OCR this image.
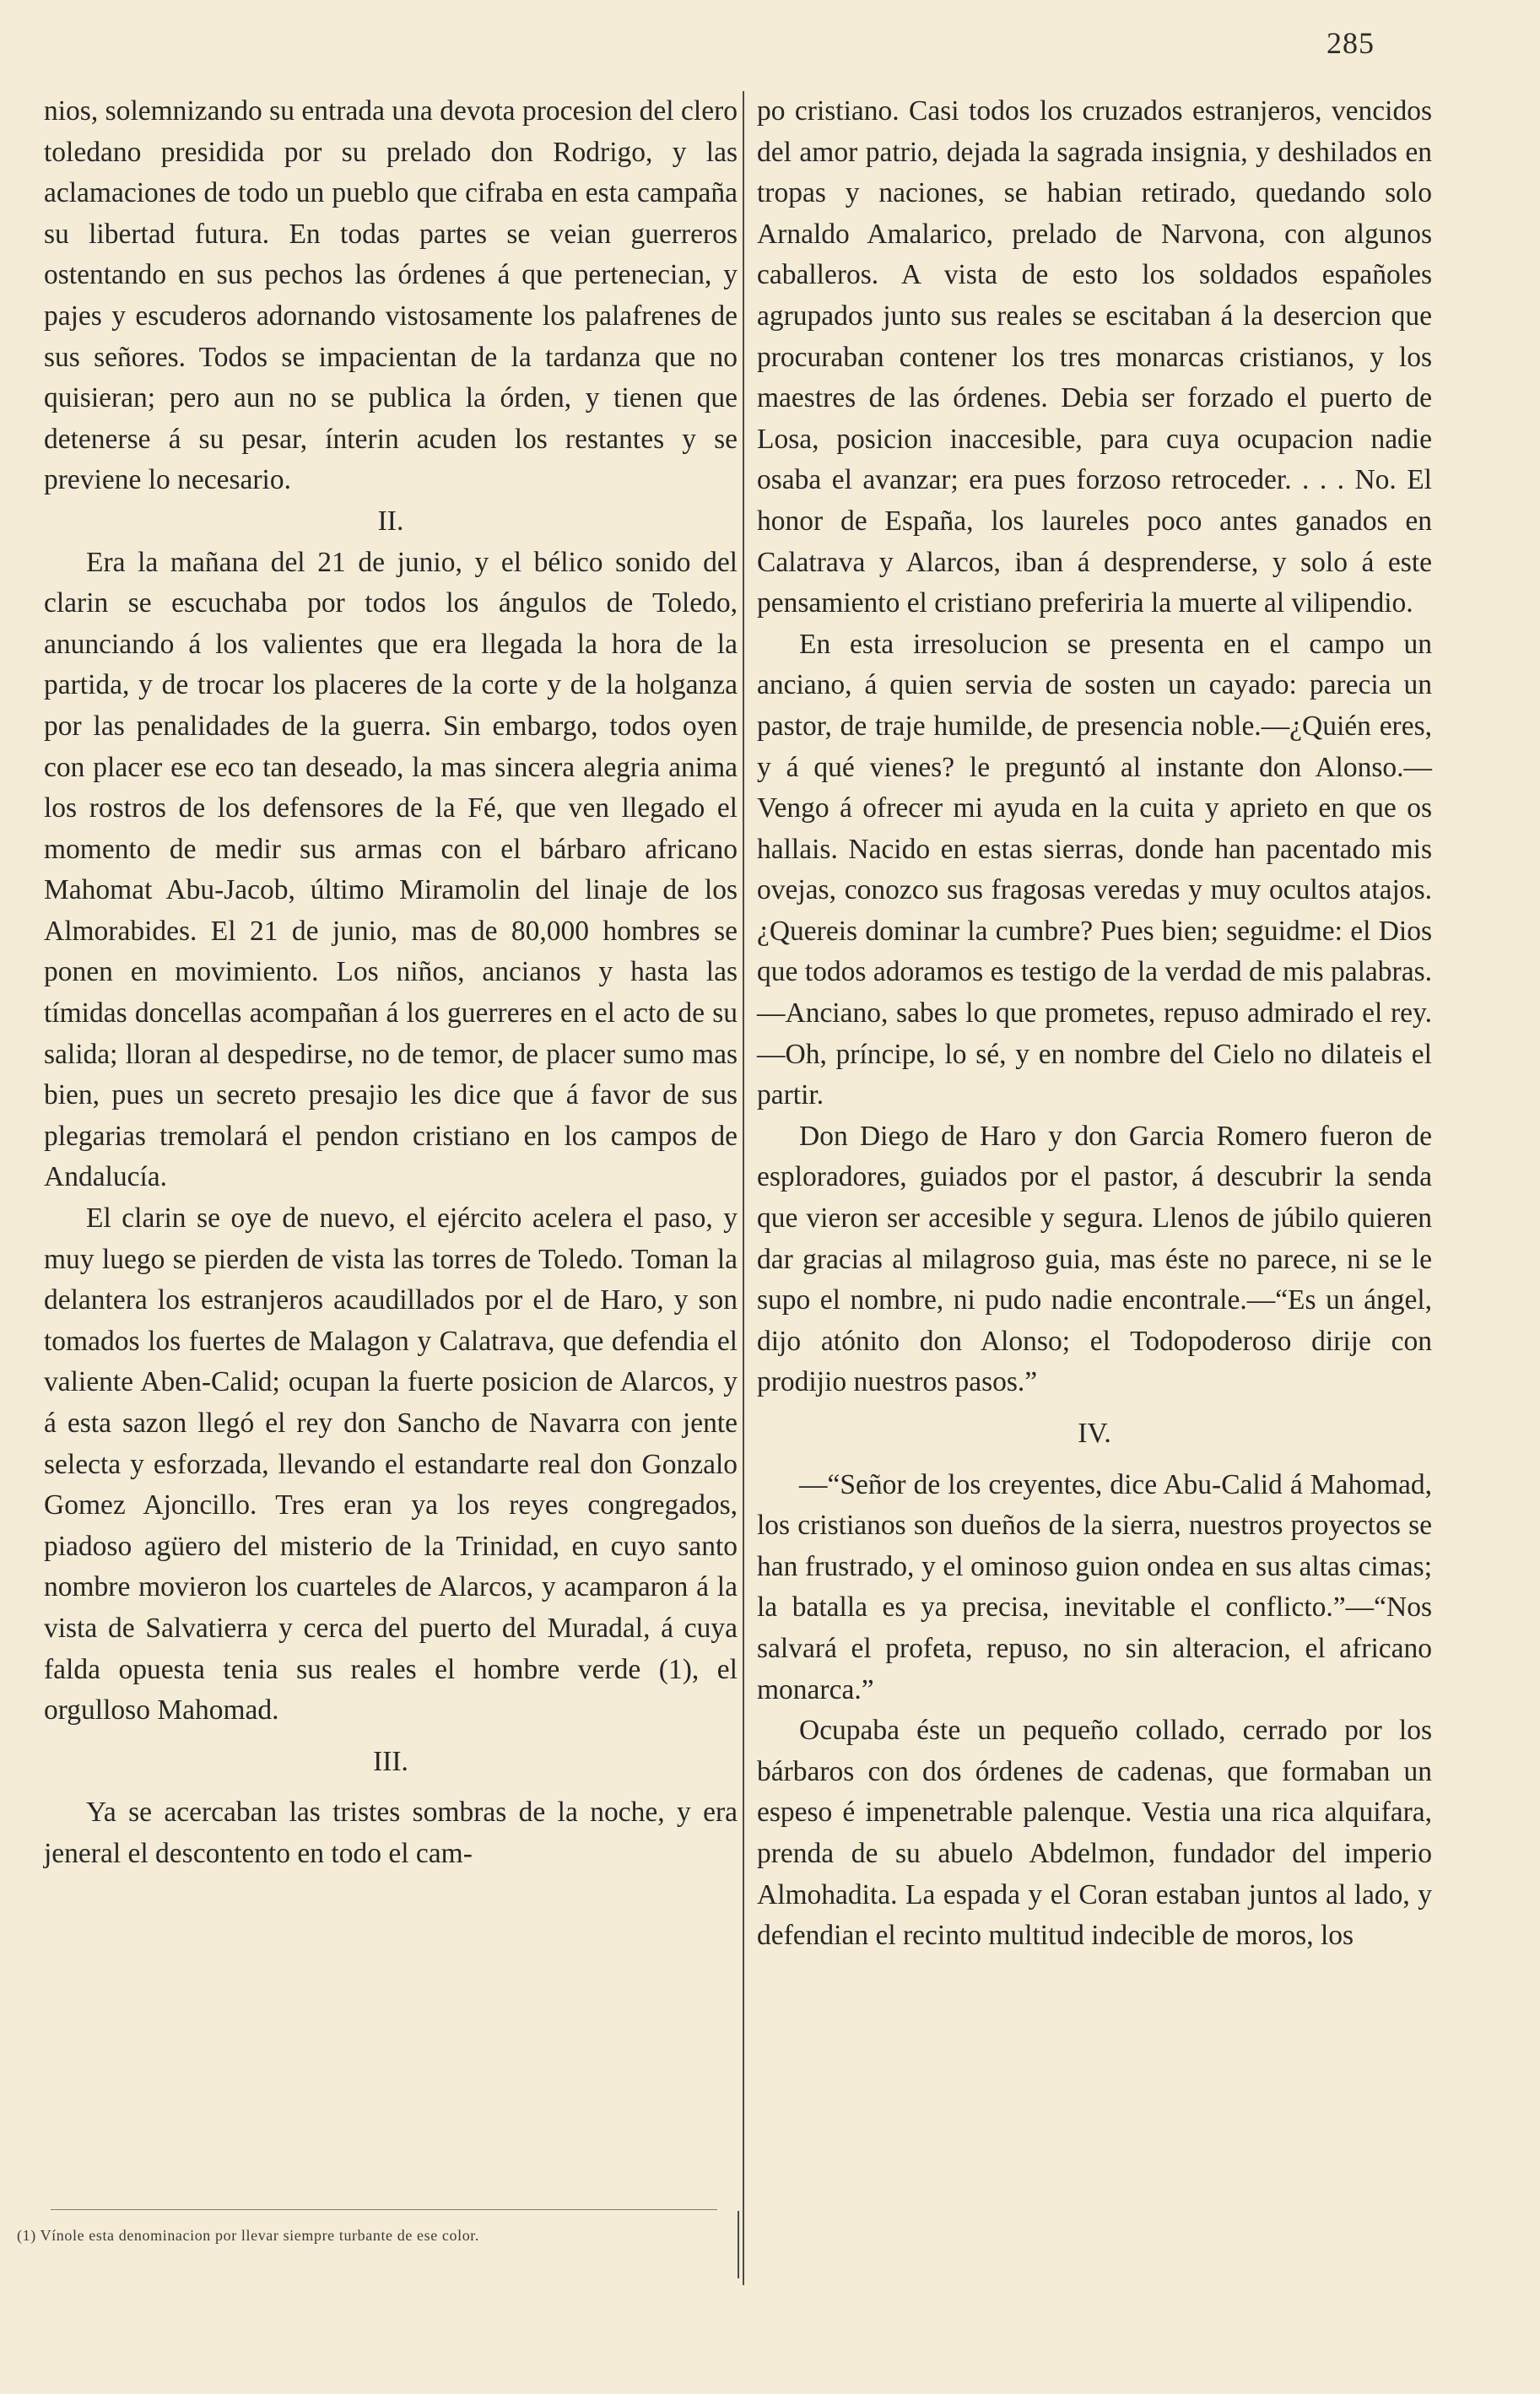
285

nios, solemnizando su entrada una devota procesion del clero toledano presidida por su prelado don Rodrigo, y las aclamaciones de todo un pueblo que cifraba en esta campaña su libertad futura. En todas partes se veian guerreros ostentando en sus pechos las órdenes á que pertenecian, y pajes y escuderos adornando vistosamente los palafrenes de sus señores. Todos se impacientan de la tardanza que no quisieran; pero aun no se publica la órden, y tienen que detenerse á su pesar, ínterin acuden los restantes y se previene lo necesario.

II.

Era la mañana del 21 de junio, y el bélico sonido del clarin se escuchaba por todos los ángulos de Toledo, anunciando á los valientes que era llegada la hora de la partida, y de trocar los placeres de la corte y de la holganza por las penalidades de la guerra. Sin embargo, todos oyen con placer ese eco tan deseado, la mas sincera alegria anima los rostros de los defensores de la Fé, que ven llegado el momento de medir sus armas con el bárbaro africano Mahomat Abu-Jacob, último Miramolin del linaje de los Almorabides. El 21 de junio, mas de 80,000 hombres se ponen en movimiento. Los niños, ancianos y hasta las tímidas doncellas acompañan á los guerreres en el acto de su salida; lloran al despedirse, no de temor, de placer sumo mas bien, pues un secreto presajio les dice que á favor de sus plegarias tremolará el pendon cristiano en los campos de Andalucía.

El clarin se oye de nuevo, el ejército acelera el paso, y muy luego se pierden de vista las torres de Toledo. Toman la delantera los estranjeros acaudillados por el de Haro, y son tomados los fuertes de Malagon y Calatrava, que defendia el valiente Aben-Calid; ocupan la fuerte posicion de Alarcos, y á esta sazon llegó el rey don Sancho de Navarra con jente selecta y esforzada, llevando el estandarte real don Gonzalo Gomez Ajoncillo. Tres eran ya los reyes congregados, piadoso agüero del misterio de la Trinidad, en cuyo santo nombre movieron los cuarteles de Alarcos, y acamparon á la vista de Salvatierra y cerca del puerto del Muradal, á cuya falda opuesta tenia sus reales el hombre verde (1), el orgulloso Mahomad.

III.

Ya se acercaban las tristes sombras de la noche, y era jeneral el descontento en todo el cam-

po cristiano. Casi todos los cruzados estranjeros, vencidos del amor patrio, dejada la sagrada insignia, y deshilados en tropas y naciones, se habian retirado, quedando solo Arnaldo Amalarico, prelado de Narvona, con algunos caballeros. A vista de esto los soldados españoles agrupados junto sus reales se escitaban á la desercion que procuraban contener los tres monarcas cristianos, y los maestres de las órdenes. Debia ser forzado el puerto de Losa, posicion inaccesible, para cuya ocupacion nadie osaba el avanzar; era pues forzoso retroceder. . . . No. El honor de España, los laureles poco antes ganados en Calatrava y Alarcos, iban á desprenderse, y solo á este pensamiento el cristiano preferiria la muerte al vilipendio.

En esta irresolucion se presenta en el campo un anciano, á quien servia de sosten un cayado: parecia un pastor, de traje humilde, de presencia noble.—¿Quién eres, y á qué vienes? le preguntó al instante don Alonso.—Vengo á ofrecer mi ayuda en la cuita y aprieto en que os hallais. Nacido en estas sierras, donde han pacentado mis ovejas, conozco sus fragosas veredas y muy ocultos atajos. ¿Quereis dominar la cumbre? Pues bien; seguidme: el Dios que todos adoramos es testigo de la verdad de mis palabras.—Anciano, sabes lo que prometes, repuso admirado el rey.—Oh, príncipe, lo sé, y en nombre del Cielo no dilateis el partir.

Don Diego de Haro y don Garcia Romero fueron de esploradores, guiados por el pastor, á descubrir la senda que vieron ser accesible y segura. Llenos de júbilo quieren dar gracias al milagroso guia, mas éste no parece, ni se le supo el nombre, ni pudo nadie encontrale.—“Es un ángel, dijo atónito don Alonso; el Todopoderoso dirije con prodijio nuestros pasos.”

IV.

—“Señor de los creyentes, dice Abu-Calid á Mahomad, los cristianos son dueños de la sierra, nuestros proyectos se han frustrado, y el ominoso guion ondea en sus altas cimas; la batalla es ya precisa, inevitable el conflicto.”—“Nos salvará el profeta, repuso, no sin alteracion, el africano monarca.”

Ocupaba éste un pequeño collado, cerrado por los bárbaros con dos órdenes de cadenas, que formaban un espeso é impenetrable palenque. Vestia una rica alquifara, prenda de su abuelo Abdelmon, fundador del imperio Almohadita. La espada y el Coran estaban juntos al lado, y defendian el recinto multitud indecible de moros, los

(1) Vínole esta denominacion por llevar siempre turbante de ese color.
